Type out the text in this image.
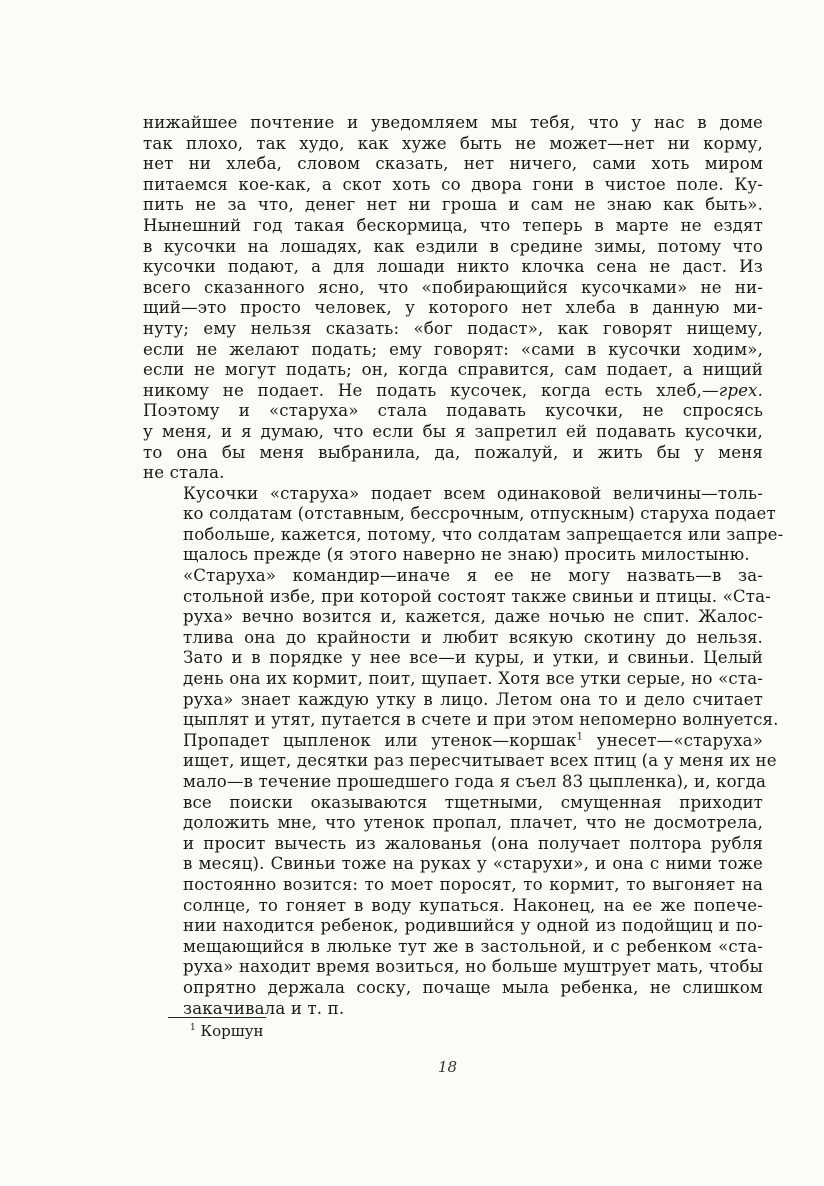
нижайшее почтение и уведомляем мы тебя, что у нас в доме
так плохо, так худо, как хуже быть не может—нет ни корму,
нет ни хлеба, словом сказать, нет ничего, сами хоть миром
питаемся кое-как, а скот хоть со двора гони в чистое поле. Ку-
пить не за что, денег нет ни гроша и сам не знаю как быть».
Нынешний год такая бескормица, что теперь в марте не ездят
в кусочки на лошадях, как ездили в средине зимы, потому что
кусочки подают, а для лошади никто клочка сена не даст. Из
всего сказанного ясно, что «побирающийся кусочками» не ни-
щий—это просто человек, у которого нет хлеба в данную ми-
нуту; ему нельзя сказать: «бог подаст», как говорят нищему,
если не желают подать; ему говорят: «сами в кусочки ходим»,
если не могут подать; он, когда справится, сам подает, а нищий
никому не подает. Не подать кусочек, когда есть хлеб,—грех.
Поэтому и «старуха» стала подавать кусочки, не спросясь
у меня, и я думаю, что если бы я запретил ей подавать кусочки,
то она бы меня выбранила, да, пожалуй, и жить бы у меня
не стала.
Кусочки «старуха» подает всем одинаковой величины—толь-
ко солдатам (отставным, бессрочным, отпускным) старуха подает
побольше, кажется, потому, что солдатам запрещается или запре-
щалось прежде (я этого наверно не знаю) просить милостыню.
«Старуха» командир—иначе я ее не могу назвать—в за-
стольной избе, при которой состоят также свиньи и птицы. «Ста-
руха» вечно возится и, кажется, даже ночью не спит. Жалос-
тлива она до крайности и любит всякую скотину до нельзя.
Зато и в порядке у нее все—и куры, и утки, и свиньи. Целый
день она их кормит, поит, щупает. Хотя все утки серые, но «ста-
руха» знает каждую утку в лицо. Летом она то и дело считает
цыплят и утят, путается в счете и при этом непомерно волнуется.
Пропадет цыпленок или утенок—коршак$^1$ унесет—«старуха»
ищет, ищет, десятки раз пересчитывает всех птиц (а у меня их не
мало—в течение прошедшего года я съел 83 цыпленка), и, когда
все поиски оказываются тщетными, смущенная приходит
доложить мне, что утенок пропал, плачет, что не досмотрела,
и просит вычесть из жалованья (она получает полтора рубля
в месяц). Свиньи тоже на руках у «старухи», и она с ними тоже
постоянно возится: то моет поросят, то кормит, то выгоняет на
солнце, то гоняет в воду купаться. Наконец, на ее же попече-
нии находится ребенок, родившийся у одной из подойщиц и по-
мещающийся в люльке тут же в застольной, и с ребенком «ста-
руха» находит время возиться, но больше муштрует мать, чтобы
опрятно держала соску, почаще мыла ребенка, не слишком
закачивала и т. п.
$^1$ Коршун
18
